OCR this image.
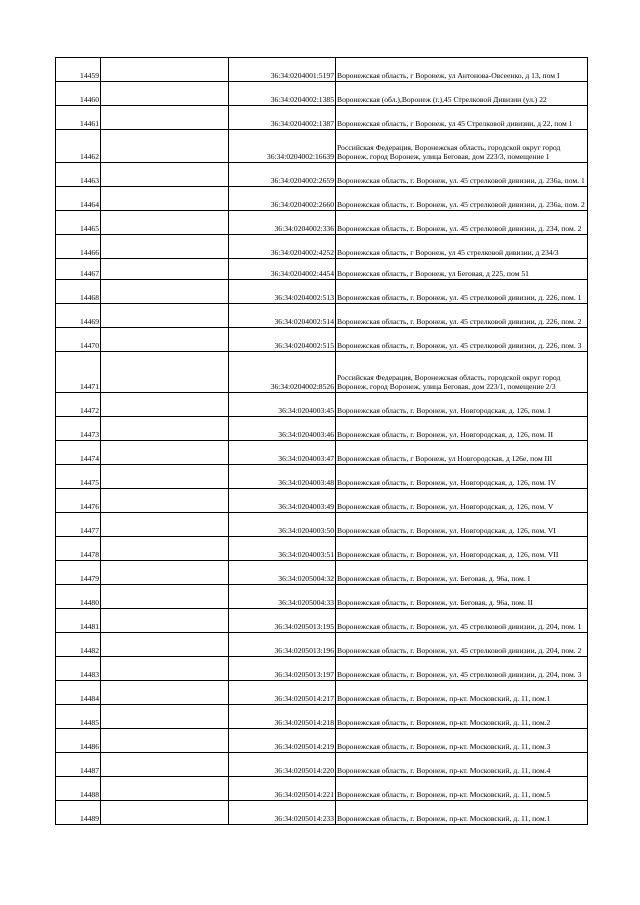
14459		36:34:0204001:5197	Воронежская область, г Воронеж, ул Антонова-Овсеенко, д 13, пом I
14460		36:34:0204002:1385	Воронежская (обл.),Воронеж (г.),45 Стрелковой Дивизии (ул.) 22
14461		36:34:0204002:1387	Воронежская область, г Воронеж, ул 45 Стрелковой дивизии, д 22, пом 1
14462		36:34:0204002:16639	Российская Федерация, Воронежская область, городской округ город Воронеж, город Воронеж, улица Беговая, дом 223/3, помещение 1
14463		36:34:0204002:2659	Воронежская область, г. Воронеж, ул. 45 стрелковой дивизии, д. 236а, пом. 1
14464		36:34:0204002:2660	Воронежская область, г. Воронеж, ул. 45 стрелковой дивизии, д. 236а, пом. 2
14465		36:34:0204002:336	Воронежская область, г. Воронеж, ул. 45 стрелковой дивизии, д. 234, пом. 2
14466		36:34:0204002:4252	Воронежская область, г Воронеж, ул 45 стрелковой дивизии, д 234/3
14467		36:34:0204002:4454	Воронежская область, г Воронеж, ул Беговая, д 225, пом 51
14468		36:34:0204002:513	Воронежская область, г. Воронеж, ул. 45 стрелковой дивизии, д. 226, пом. 1
14469		36:34:0204002:514	Воронежская область, г. Воронеж, ул. 45 стрелковой дивизии, д. 226, пом. 2
14470		36:34:0204002:515	Воронежская область, г. Воронеж, ул. 45 стрелковой дивизии, д. 226, пом. 3
14471		36:34:0204002:8526	Российская Федерация, Воронежская область, городской округ город Воронеж, город Воронеж, улица Беговая, дом 223/1, помещение 2/3
14472		36:34:0204003:45	Воронежская область, г. Воронеж, ул. Новгородская, д. 126, пом. I
14473		36:34:0204003:46	Воронежская область, г. Воронеж, ул. Новгородская, д. 126, пом. II
14474		36:34:0204003:47	Воронежская область, г Воронеж, ул Новгородская, д 126е, пом III
14475		36:34:0204003:48	Воронежская область, г. Воронеж, ул. Новгородская, д. 126, пом. IV
14476		36:34:0204003:49	Воронежская область, г. Воронеж, ул. Новгородская, д. 126, пом. V
14477		36:34:0204003:50	Воронежская область, г. Воронеж, ул. Новгородская, д. 126, пом. VI
14478		36:34:0204003:51	Воронежская область, г. Воронеж, ул. Новгородская, д. 126, пом. VII
14479		36:34:0205004:32	Воронежская область, г. Воронеж, ул. Беговая, д. 96а, пом. I
14480		36:34:0205004:33	Воронежская область, г. Воронеж, ул. Беговая, д. 96а, пом. II
14481		36:34:0205013:195	Воронежская область, г. Воронеж, ул. 45 стрелковой дивизии, д. 204, пом. 1
14482		36:34:0205013:196	Воронежская область, г. Воронеж, ул. 45 стрелковой дивизии, д. 204, пом. 2
14483		36:34:0205013:197	Воронежская область, г. Воронеж, ул. 45 стрелковой дивизии, д. 204, пом. 3
14484		36:34:0205014:217	Воронежская область, г. Воронеж, пр-кт. Московский, д. 11, пом.1
14485		36:34:0205014:218	Воронежская область, г. Воронеж, пр-кт. Московский, д. 11, пом.2
14486		36:34:0205014:219	Воронежская область, г. Воронеж, пр-кт. Московский, д. 11, пом.3
14487		36:34:0205014:220	Воронежская область, г. Воронеж, пр-кт. Московский, д. 11, пом.4
14488		36:34:0205014:221	Воронежская область, г. Воронеж, пр-кт. Московский, д. 11, пом.5
14489		36:34:0205014:233	Воронежская область, г. Воронеж, пр-кт. Московский, д. 11, пом.1
